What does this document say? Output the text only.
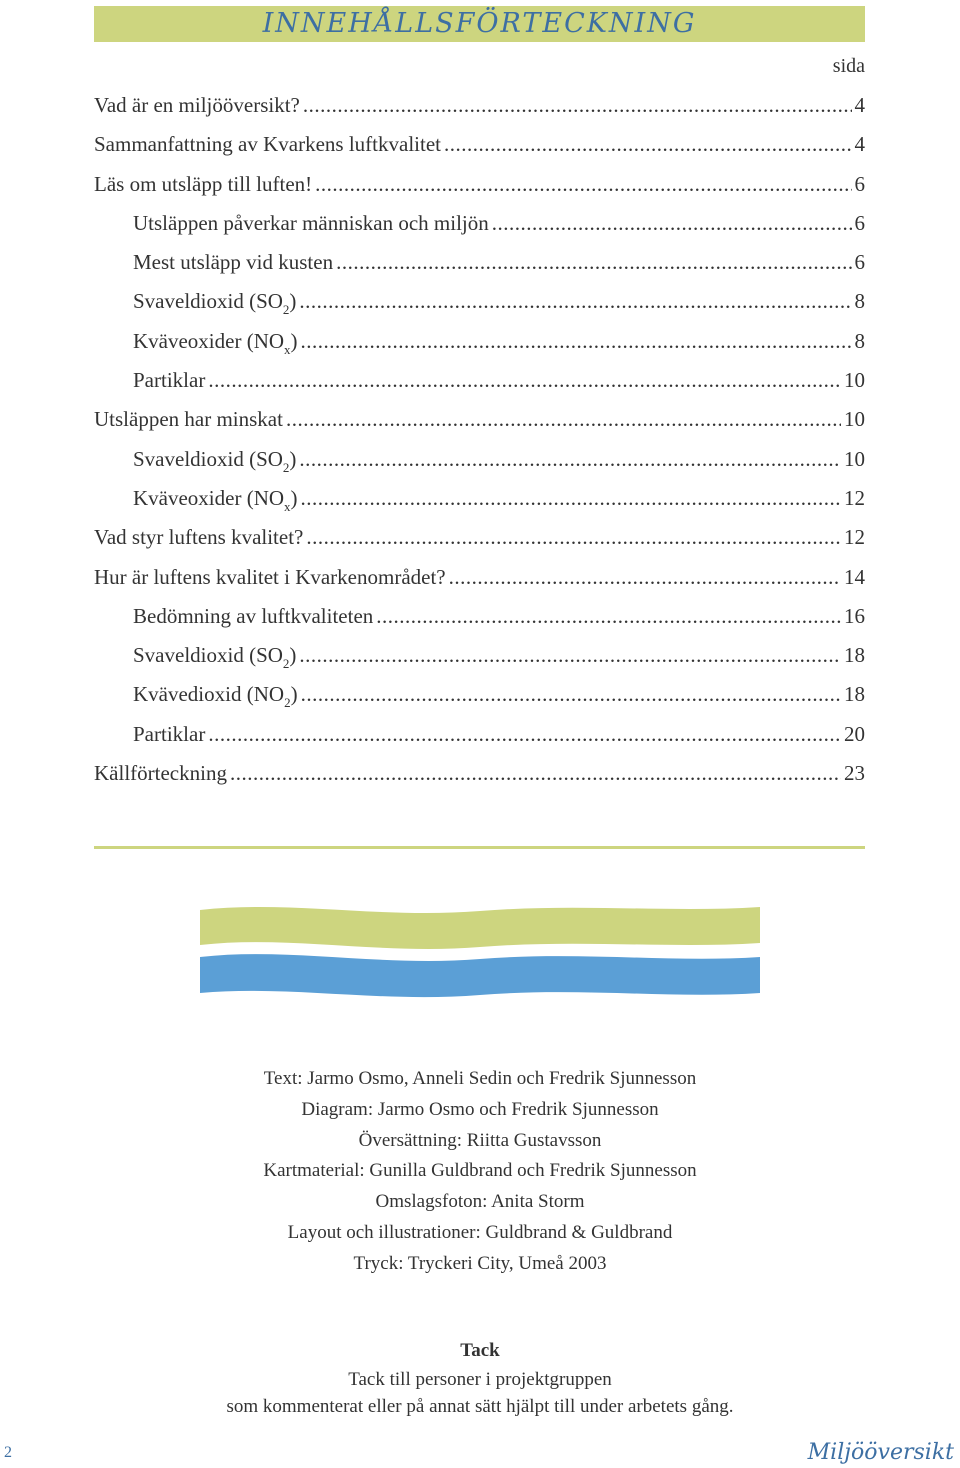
INNEHÅLLSFÖRTECKNING
sida
Vad är en miljööversikt? .....	4
Sammanfattning av Kvarkens luftkvalitet .....	4
Läs om utsläpp till luften! .....	6
Utsläppen påverkar människan och miljön .....	6
Mest utsläpp vid kusten .....	6
Svaveldioxid $(SO_2)$ .....	8
Kväveoxider $(NO_x)$ .....	8
Partiklar .....	10
Utsläppen har minskat .....	10
Svaveldioxid $(SO_2)$ .....	10
Kväveoxider $(NO_x)$ .....	12
Vad styr luftens kvalitet? .....	12
Hur är luftens kvalitet i Kvarkenområdet? .....	14
Bedömning av luftkvaliteten .....	16
Svaveldioxid $(SO_2)$ .....	18
Kvävedioxid $(NO_2)$ .....	18
Partiklar .....	20
Källförteckning .....	23
Text: Jarmo Osmo, Anneli Sedin och Fredrik Sjunnesson
Diagram: Jarmo Osmo och Fredrik Sjunnesson
Översättning: Riitta Gustavsson
Kartmaterial: Gunilla Guldbrand och Fredrik Sjunnesson
Omslagsfoton: Anita Storm
Layout och illustrationer: Guldbrand & Guldbrand
Tryck: Tryckeri City, Umeå 2003
Tack
Tack till personer i projektgruppen
som kommenterat eller på annat sätt hjälpt till under arbetets gång.
2	Miljööversikt
